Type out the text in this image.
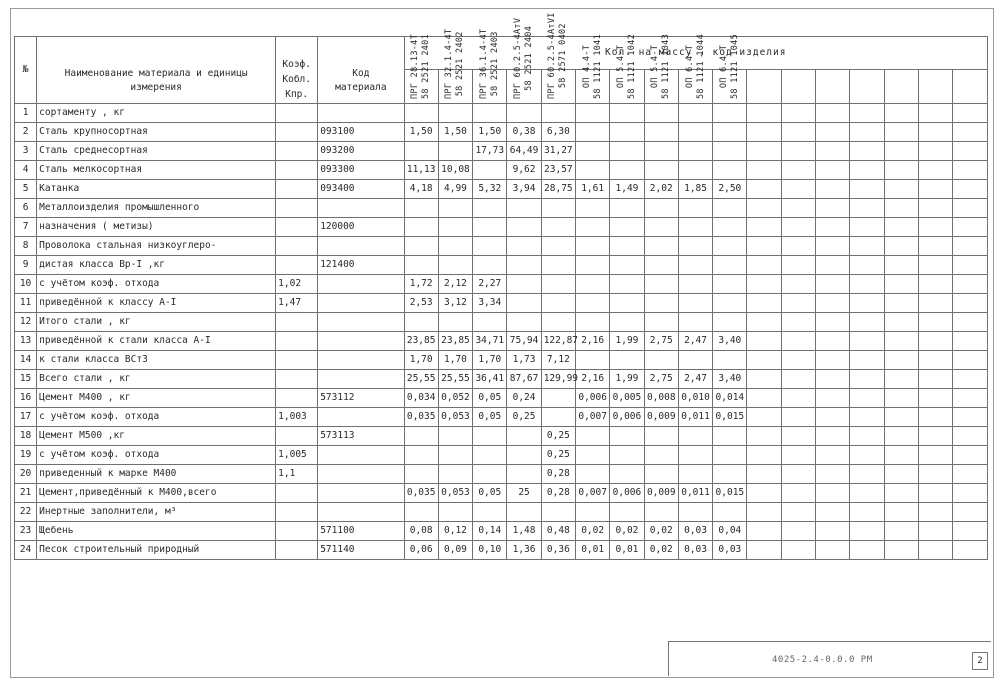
№	Наименование материала и единицы измерения	Коэф. Кобл. Кпр.	Код материала	Кол. на массу , код изделия																

				ПРГ 28.13-4Т 58 2521 2401	ПРГ 32.1.4-4Т 58 2521 2402	ПРГ 36.1.4-4Т 58 2521 2403	ПРГ 60.2.5-4АтV 58 2521 2404	ПРГ 60.2.5-4АтVI 58 2571 0402	ОП 4.4-Т 58 1121 1041	ОП 5.4-Т 58 1121 1042	ОП 5.4-Т 58 1121 1043	ОП 6.4-Т 58 1121 1044	ОП 6.4-Т 58 1121 1045							

1	сортаменту , кг																			
2	Сталь крупносортная		093100	1,50	1,50	1,50	0,38	6,30												
3	Сталь среднесортная		093200			17,73	64,49	31,27												
4	Сталь мелкосортная		093300	11,13	10,08		9,62	23,57												
5	Катанка		093400	4,18	4,99	5,32	3,94	28,75	1,61	1,49	2,02	1,85	2,50							
6	Металлоизделия промышленного																			
7	назначения ( метизы)		120000																	
8	Проволока стальная низкоуглеро-																			
9	дистая класса Вр-I ,кг		121400																	
10	с учётом коэф. отхода	1,02		1,72	2,12	2,27														
11	приведённой к классу А-I	1,47		2,53	3,12	3,34														
12	Итого стали , кг																			
13	приведённой к стали класса А-I			23,85	23,85	34,71	75,94	122,87	2,16	1,99	2,75	2,47	3,40							
14	к стали класса ВСт3			1,70	1,70	1,70	1,73	7,12												
15	Всего стали , кг			25,55	25,55	36,41	87,67	129,99	2,16	1,99	2,75	2,47	3,40							
16	Цемент М400 , кг		573112	0,034	0,052	0,05	0,24		0,006	0,005	0,008	0,010	0,014							
17	с учётом коэф. отхода	1,003		0,035	0,053	0,05	0,25		0,007	0,006	0,009	0,011	0,015							
18	Цемент М500 ,кг		573113					0,25												
19	с учётом коэф. отхода	1,005						0,25												
20	приведенный к марке М400	1,1						0,28												
21	Цемент,приведённый к М400,всего			0,035	0,053	0,05	25	0,28	0,007	0,006	0,009	0,011	0,015							
22	Инертные заполнители, м³																			
23	Щебень		571100	0,08	0,12	0,14	1,48	0,48	0,02	0,02	0,02	0,03	0,04							
24	Песок строительный природный		571140	0,06	0,09	0,10	1,36	0,36	0,01	0,01	0,02	0,03	0,03							
4025-2.4-0.0.0 РМ	2
